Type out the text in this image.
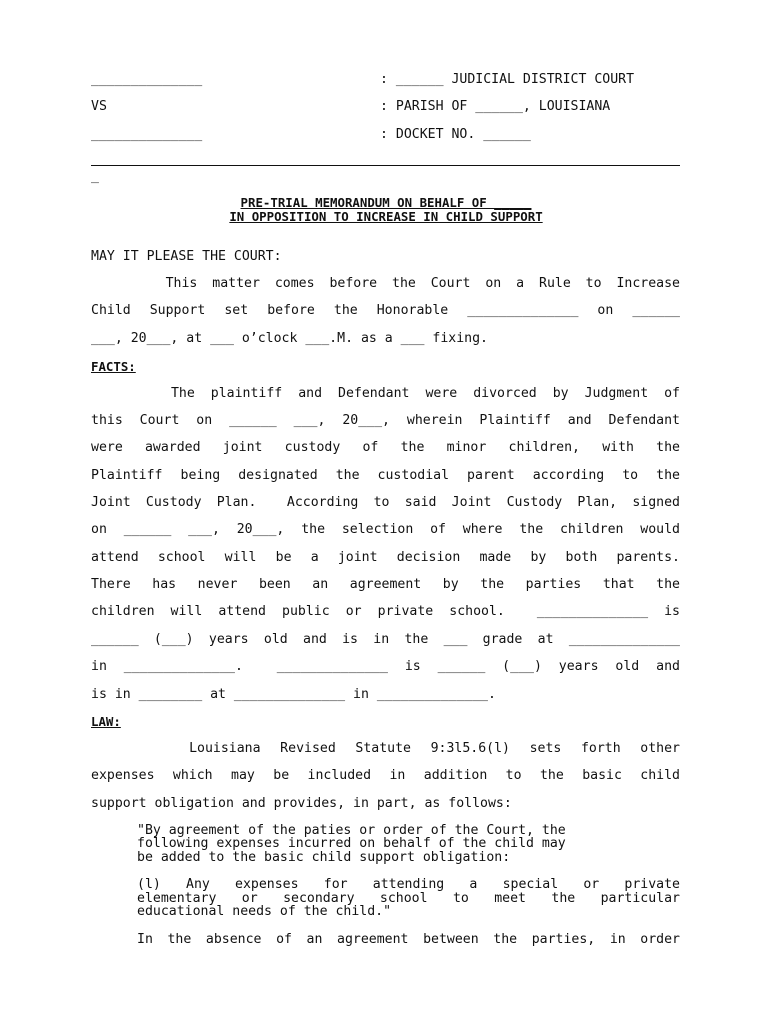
______________	: ______ JUDICIAL DISTRICT COURT
VS	: PARISH OF ______, LOUISIANA
______________	: DOCKET NO. ______
_
PRE-TRIAL MEMORANDUM ON BEHALF OF _____
IN OPPOSITION TO INCREASE IN CHILD SUPPORT
MAY IT PLEASE THE COURT:
This matter comes before the Court on a Rule to Increase
Child Support set before the Honorable ______________ on ______
___, 20___, at ___ o’clock ___.M. as a ___ fixing.
FACTS:
The plaintiff and Defendant were divorced by Judgment of
this Court on ______ ___, 20___, wherein Plaintiff and Defendant
were awarded joint custody of the minor children, with the
Plaintiff being designated the custodial parent according to the
Joint Custody Plan.  According to said Joint Custody Plan, signed
on ______ ___, 20___, the selection of where the children would
attend school will be a joint decision made by both parents.
There has never been an agreement by the parties that the
children will attend public or private school.  ______________ is
______ (___) years old and is in the ___ grade at ______________
in ______________.  ______________ is ______ (___) years old and
is in ________ at ______________ in ______________.
LAW:
Louisiana Revised Statute 9:3l5.6(l) sets forth other
expenses which may be included in addition to the basic child
support obligation and provides, in part, as follows:
"By agreement of the paties or order of the Court, the
following expenses incurred on behalf of the child may
be added to the basic child support obligation:
(l) Any expenses for attending a special or private
elementary or secondary school to meet the particular
educational needs of the child."
In the absence of an agreement between the parties, in order
